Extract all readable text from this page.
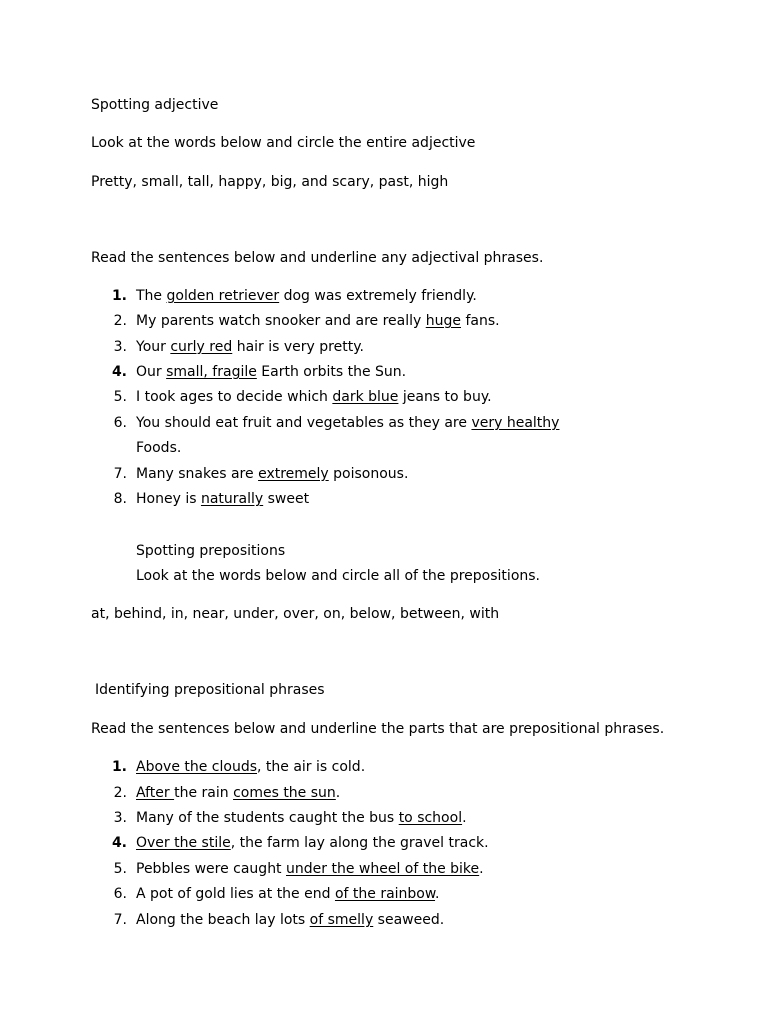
Spotting adjective
Look at the words below and circle the entire adjective
Pretty, small, tall, happy, big, and scary, past, high
Read the sentences below and underline any adjectival phrases.
1. The golden retriever dog was extremely friendly.
2. My parents watch snooker and are really huge fans.
3. Your curly red hair is very pretty.
4. Our small, fragile Earth orbits the Sun.
5. I took ages to decide which dark blue jeans to buy.
6. You should eat fruit and vegetables as they are very healthy
Foods.
7. Many snakes are extremely poisonous.
8. Honey is naturally sweet
Spotting prepositions
Look at the words below and circle all of the prepositions.
at, behind, in, near, under, over, on, below, between, with
Identifying prepositional phrases
Read the sentences below and underline the parts that are prepositional phrases.
1. Above the clouds, the air is cold.
2. After the rain comes the sun.
3. Many of the students caught the bus to school.
4. Over the stile, the farm lay along the gravel track.
5. Pebbles were caught under the wheel of the bike.
6. A pot of gold lies at the end of the rainbow.
7. Along the beach lay lots of smelly seaweed.
